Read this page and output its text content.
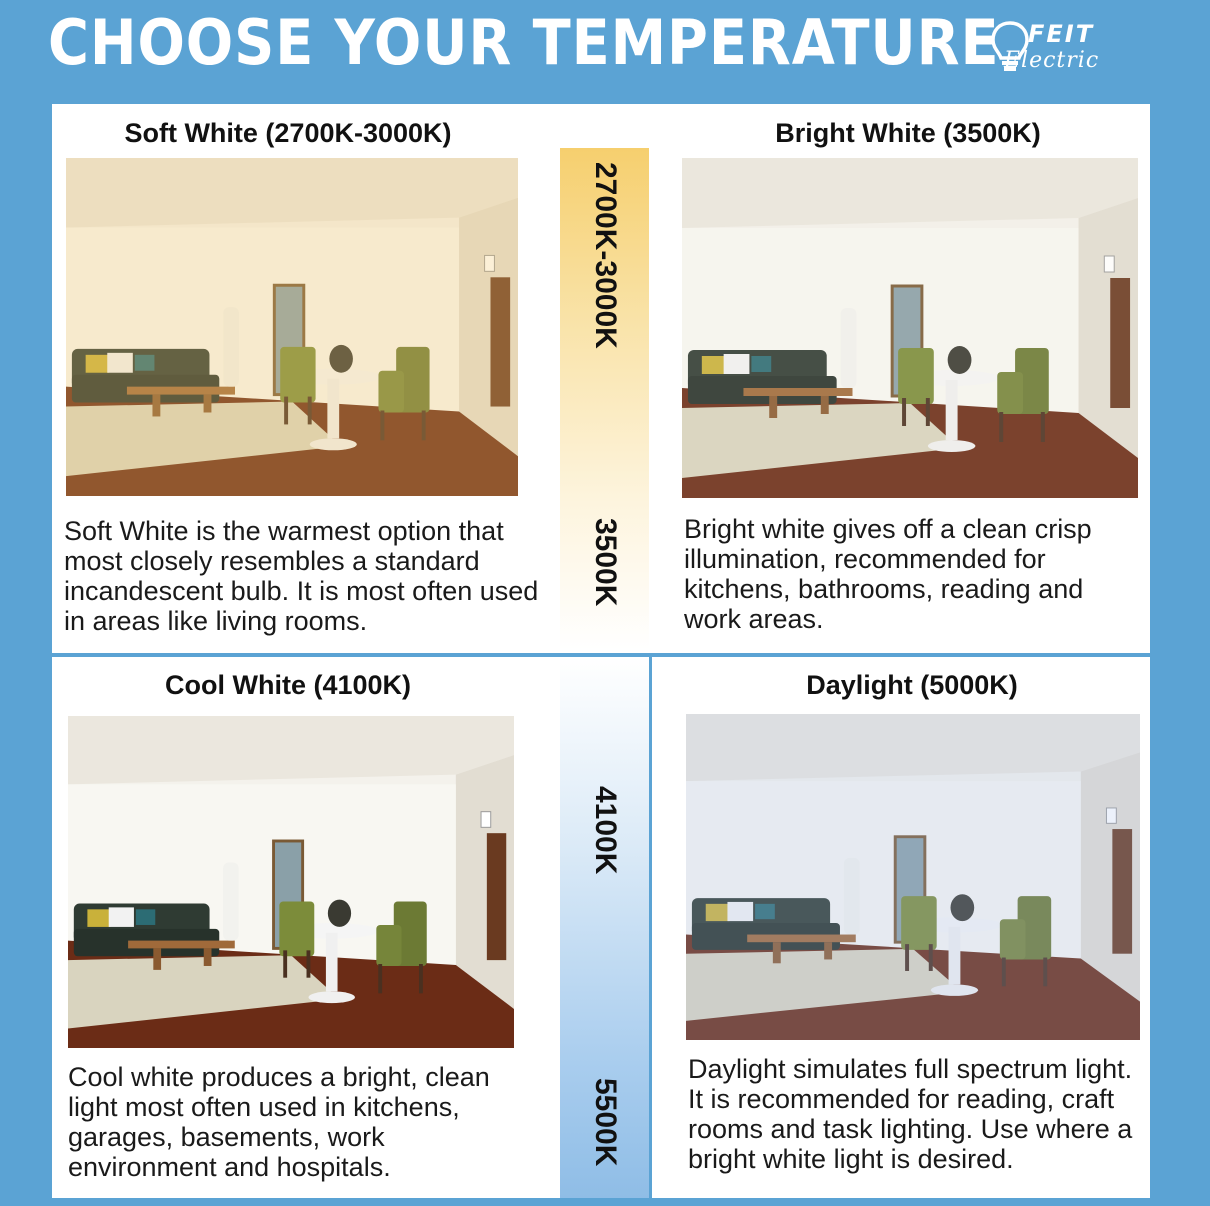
CHOOSE YOUR TEMPERATURE FEIT
Electric
2700K-3000K
3500K
4100K
5500K
Soft White (2700K-3000K)
Soft White is the warmest option that most closely resembles a standard incandescent bulb. It is most often used in areas like living rooms.
Bright White (3500K)
Bright white gives off a clean crisp illumination, recommended for kitchens, bathrooms, reading and work areas.
Cool White (4100K)
Cool white produces a bright, clean light most often used in kitchens, garages, basements, work environment and hospitals.
Daylight (5000K)
Daylight simulates full spectrum light. It is recommended for reading, craft rooms and task lighting. Use where a bright white light is desired.
